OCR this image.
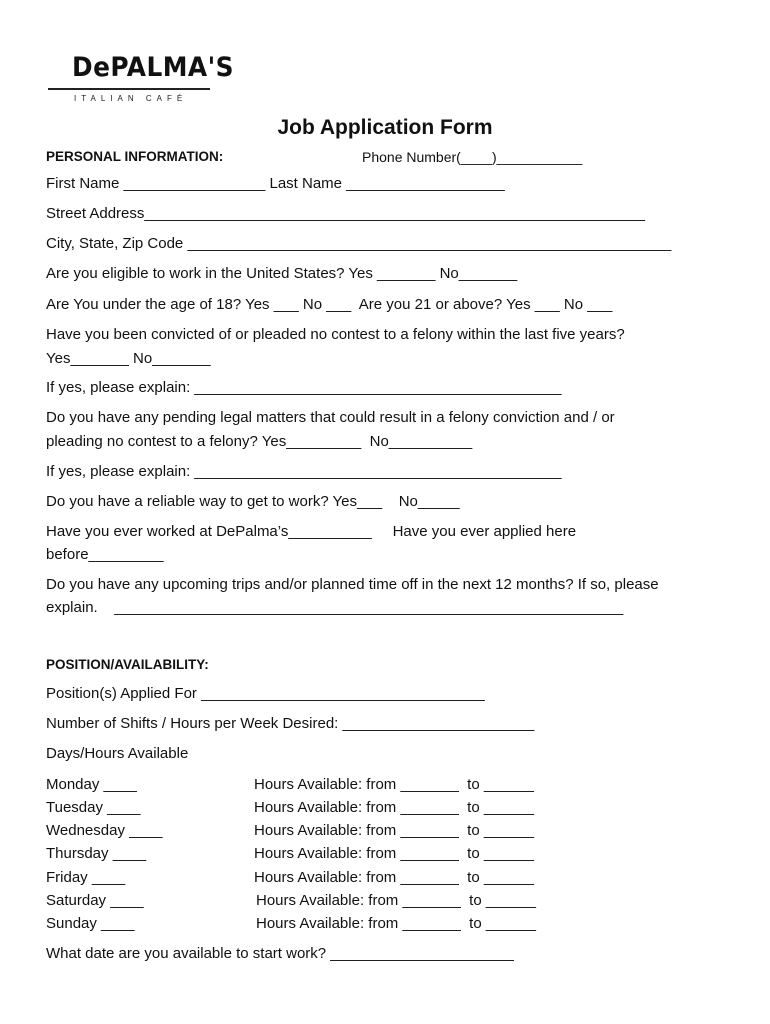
DePALMA'S
ITALIAN CAFÉ
Job Application Form
PERSONAL INFORMATION:	Phone Number(____)___________
First Name _________________ Last Name ___________________
Street Address____________________________________________________________
City, State, Zip Code __________________________________________________________
Are you eligible to work in the United States? Yes _______ No_______
Are You under the age of 18? Yes ___ No ___  Are you 21 or above? Yes ___ No ___
Have you been convicted of or pleaded no contest to a felony within the last five years?
Yes_______ No_______
If yes, please explain: ____________________________________________
Do you have any pending legal matters that could result in a felony conviction and / or
pleading no contest to a felony? Yes_________  No__________
If yes, please explain: ____________________________________________
Do you have a reliable way to get to work? Yes___    No_____
Have you ever worked at DePalma’s__________     Have you ever applied here
before_________
Do you have any upcoming trips and/or planned time off in the next 12 months? If so, please
explain.    _____________________________________________________________
POSITION/AVAILABILITY:
Position(s) Applied For __________________________________
Number of Shifts / Hours per Week Desired: _______________________
Days/Hours Available
Monday ____	Hours Available: from _______  to ______
Tuesday ____	Hours Available: from _______  to ______
Wednesday ____	Hours Available: from _______  to ______
Thursday ____	Hours Available: from _______  to ______
Friday ____	Hours Available: from _______  to ______
Saturday ____	Hours Available: from _______  to ______
Sunday ____	Hours Available: from _______  to ______
What date are you available to start work? ______________________
